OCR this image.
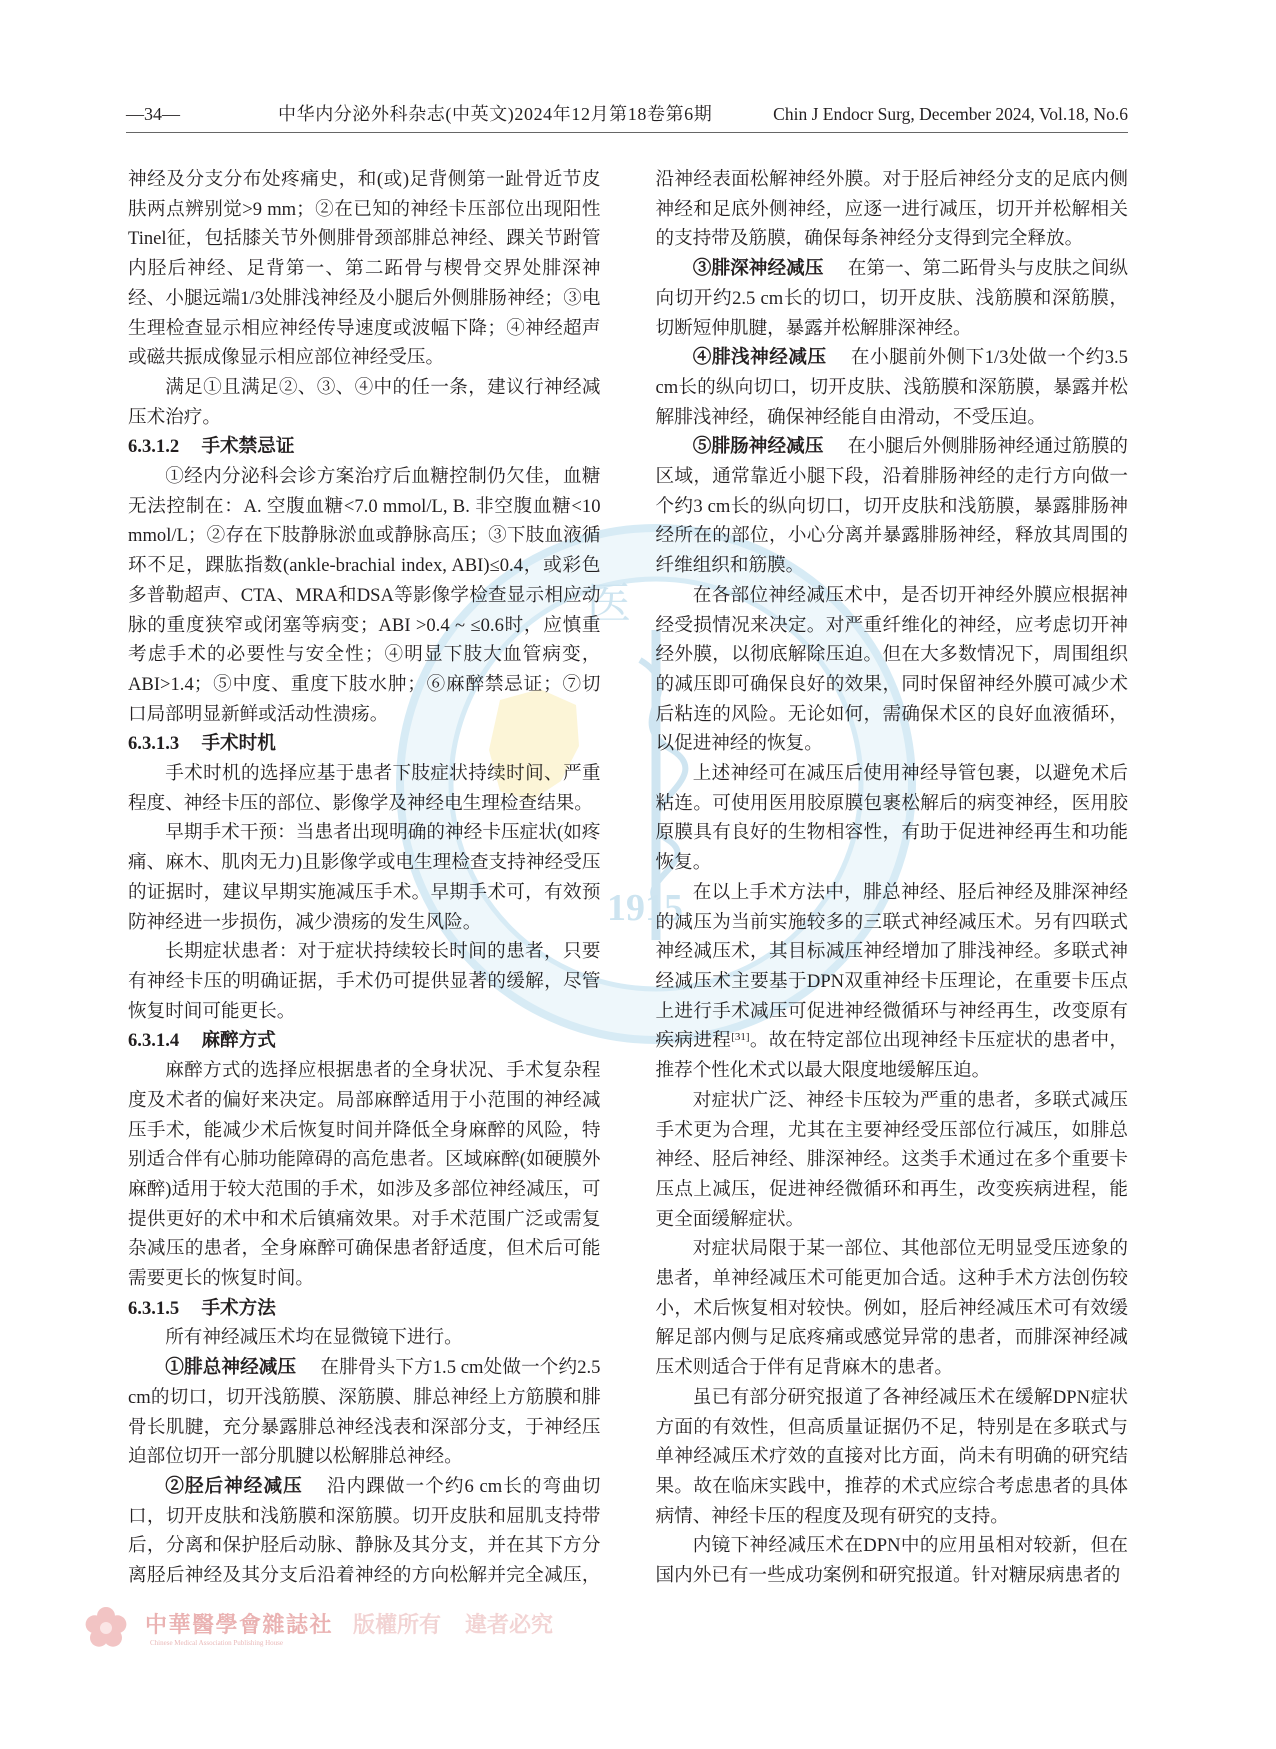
医
1915
—34—	中华内分泌外科杂志(中英文)2024年12月第18卷第6期	Chin J Endocr Surg, December 2024, Vol.18, No.6

神经及分支分布处疼痛史，和(或)足背侧第一趾骨近节皮肤两点辨别觉>9 mm；②在已知的神经卡压部位出现阳性Tinel征，包括膝关节外侧腓骨颈部腓总神经、踝关节跗管内胫后神经、足背第一、第二跖骨与楔骨交界处腓深神经、小腿远端1/3处腓浅神经及小腿后外侧腓肠神经；③电生理检查显示相应神经传导速度或波幅下降；④神经超声或磁共振成像显示相应部位神经受压。

满足①且满足②、③、④中的任一条，建议行神经减压术治疗。

6.3.1.2 手术禁忌证

①经内分泌科会诊方案治疗后血糖控制仍欠佳，血糖无法控制在：A. 空腹血糖<7.0 mmol/L, B. 非空腹血糖<10 mmol/L；②存在下肢静脉淤血或静脉高压；③下肢血液循环不足，踝肱指数(ankle-brachial index, ABI)≤0.4，或彩色多普勒超声、CTA、MRA和DSA等影像学检查显示相应动脉的重度狭窄或闭塞等病变；ABI >0.4 ~ ≤0.6时，应慎重考虑手术的必要性与安全性；④明显下肢大血管病变，ABI>1.4；⑤中度、重度下肢水肿；⑥麻醉禁忌证；⑦切口局部明显新鲜或活动性溃疡。

6.3.1.3 手术时机

手术时机的选择应基于患者下肢症状持续时间、严重程度、神经卡压的部位、影像学及神经电生理检查结果。

早期手术干预：当患者出现明确的神经卡压症状(如疼痛、麻木、肌肉无力)且影像学或电生理检查支持神经受压的证据时，建议早期实施减压手术。早期手术可，有效预防神经进一步损伤，减少溃疡的发生风险。

长期症状患者：对于症状持续较长时间的患者，只要有神经卡压的明确证据，手术仍可提供显著的缓解，尽管恢复时间可能更长。

6.3.1.4 麻醉方式

麻醉方式的选择应根据患者的全身状况、手术复杂程度及术者的偏好来决定。局部麻醉适用于小范围的神经减压手术，能减少术后恢复时间并降低全身麻醉的风险，特别适合伴有心肺功能障碍的高危患者。区域麻醉(如硬膜外麻醉)适用于较大范围的手术，如涉及多部位神经减压，可提供更好的术中和术后镇痛效果。对手术范围广泛或需复杂减压的患者，全身麻醉可确保患者舒适度，但术后可能需要更长的恢复时间。

6.3.1.5 手术方法

所有神经减压术均在显微镜下进行。

①腓总神经减压 在腓骨头下方1.5 cm处做一个约2.5 cm的切口，切开浅筋膜、深筋膜、腓总神经上方筋膜和腓骨长肌腱，充分暴露腓总神经浅表和深部分支，于神经压迫部位切开一部分肌腱以松解腓总神经。

②胫后神经减压 沿内踝做一个约6 cm长的弯曲切口，切开皮肤和浅筋膜和深筋膜。切开皮肤和屈肌支持带后，分离和保护胫后动脉、静脉及其分支，并在其下方分离胫后神经及其分支后沿着神经的方向松解并完全减压，沿神经表面松解神经外膜。对于胫后神经分支的足底内侧神经和足底外侧神经，应逐一进行减压，切开并松解相关的支持带及筋膜，确保每条神经分支得到完全释放。

③腓深神经减压 在第一、第二跖骨头与皮肤之间纵向切开约2.5 cm长的切口，切开皮肤、浅筋膜和深筋膜，切断短伸肌腱，暴露并松解腓深神经。

④腓浅神经减压 在小腿前外侧下1/3处做一个约3.5 cm长的纵向切口，切开皮肤、浅筋膜和深筋膜，暴露并松解腓浅神经，确保神经能自由滑动，不受压迫。

⑤腓肠神经减压 在小腿后外侧腓肠神经通过筋膜的区域，通常靠近小腿下段，沿着腓肠神经的走行方向做一个约3 cm长的纵向切口，切开皮肤和浅筋膜，暴露腓肠神经所在的部位，小心分离并暴露腓肠神经，释放其周围的纤维组织和筋膜。

在各部位神经减压术中，是否切开神经外膜应根据神经受损情况来决定。对严重纤维化的神经，应考虑切开神经外膜，以彻底解除压迫。但在大多数情况下，周围组织的减压即可确保良好的效果，同时保留神经外膜可减少术后粘连的风险。无论如何，需确保术区的良好血液循环，以促进神经的恢复。

上述神经可在减压后使用神经导管包裹，以避免术后粘连。可使用医用胶原膜包裹松解后的病变神经，医用胶原膜具有良好的生物相容性，有助于促进神经再生和功能恢复。

在以上手术方法中，腓总神经、胫后神经及腓深神经的减压为当前实施较多的三联式神经减压术。另有四联式神经减压术，其目标减压神经增加了腓浅神经。多联式神经减压术主要基于DPN双重神经卡压理论，在重要卡压点上进行手术减压可促进神经微循环与神经再生，改变原有疾病进程[31]。故在特定部位出现神经卡压症状的患者中，推荐个性化术式以最大限度地缓解压迫。

对症状广泛、神经卡压较为严重的患者，多联式减压手术更为合理，尤其在主要神经受压部位行减压，如腓总神经、胫后神经、腓深神经。这类手术通过在多个重要卡压点上减压，促进神经微循环和再生，改变疾病进程，能更全面缓解症状。

对症状局限于某一部位、其他部位无明显受压迹象的患者，单神经减压术可能更加合适。这种手术方法创伤较小，术后恢复相对较快。例如，胫后神经减压术可有效缓解足部内侧与足底疼痛或感觉异常的患者，而腓深神经减压术则适合于伴有足背麻木的患者。

虽已有部分研究报道了各神经减压术在缓解DPN症状方面的有效性，但高质量证据仍不足，特别是在多联式与单神经减压术疗效的直接对比方面，尚未有明确的研究结果。故在临床实践中，推荐的术式应综合考虑患者的具体病情、神经卡压的程度及现有研究的支持。

内镜下神经减压术在DPN中的应用虽相对较新，但在国内外已有一些成功案例和研究报道。针对糖尿病患者的

中華醫學會雜誌社
Chinese Medical Association Publishing House
版權所有 違者必究
